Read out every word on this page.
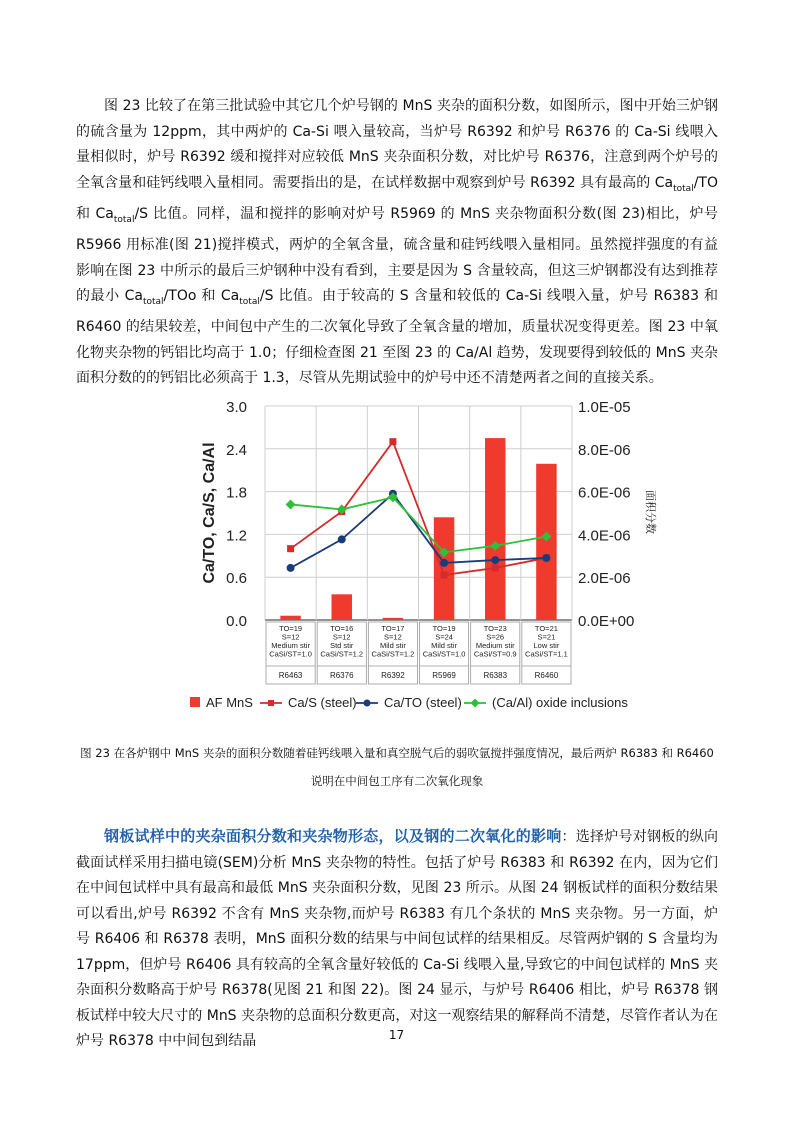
图 23 比较了在第三批试验中其它几个炉号钢的 MnS 夹杂的面积分数，如图所示，图中开始三炉钢的硫含量为 12ppm，其中两炉的 Ca-Si 喂入量较高，当炉号 R6392 和炉号 R6376 的 Ca-Si 线喂入量相似时，炉号 R6392 缓和搅拌对应较低 MnS 夹杂面积分数，对比炉号 R6376，注意到两个炉号的全氧含量和硅钙线喂入量相同。需要指出的是，在试样数据中观察到炉号 R6392 具有最高的 $Ca_{total}/TO$ 和 $Ca_{total}/S$ 比值。同样，温和搅拌的影响对炉号 R5969 的 MnS 夹杂物面积分数(图 23)相比，炉号 R5966 用标准(图 21)搅拌模式，两炉的全氧含量，硫含量和硅钙线喂入量相同。虽然搅拌强度的有益影响在图 23 中所示的最后三炉钢种中没有看到，主要是因为 S 含量较高，但这三炉钢都没有达到推荐的最小 $Ca_{total}$/TOo 和 $Ca_{total}/S$ 比值。由于较高的 S 含量和较低的 Ca-Si 线喂入量，炉号 R6383 和 R6460 的结果较差，中间包中产生的二次氧化导致了全氧含量的增加，质量状况变得更差。图 23 中氧化物夹杂物的钙铝比均高于 1.0；仔细检查图 21 至图 23 的 Ca/Al 趋势，发现要得到较低的 MnS 夹杂面积分数的的钙铝比必须高于 1.3，尽管从先期试验中的炉号中还不清楚两者之间的直接关系。

0.0
0.6
1.2
1.8
2.4
3.0
0.0E+00
2.0E-06
4.0E-06
6.0E-06
8.0E-06
1.0E-05
Ca/TO, Ca/S, Ca/Al	面积分数
TO=19
S=12
Medium stir
CaSi/ST=1.0
R6463
TO=16
S=12
Std stir
CaSi/ST=1.2
R6376
TO=17
S=12
Mild stir
CaSi/ST=1.2
R6392
TO=19
S=24
Mild stir
CaSi/ST=1.0
R5969
TO=23
S=26
Medium stir
CaSi/ST=0.9
R6383
TO=21
S=21
Low stir
CaSi/ST=1.1
R6460
AF MnS	Ca/S (steel) Ca/TO (steel) (Ca/Al) oxide inclusions

图 23 在各炉钢中 MnS 夹杂的面积分数随着硅钙线喂入量和真空脱气后的弱吹氩搅拌强度情况，最后两炉 R6383 和 R6460 说明在中间包工序有二次氧化现象

钢板试样中的夹杂面积分数和夹杂物形态，以及钢的二次氧化的影响：选择炉号对钢板的纵向截面试样采用扫描电镜(SEM)分析 MnS 夹杂物的特性。包括了炉号 R6383 和 R6392 在内，因为它们在中间包试样中具有最高和最低 MnS 夹杂面积分数，见图 23 所示。从图 24 钢板试样的面积分数结果可以看出,炉号 R6392 不含有 MnS 夹杂物,而炉号 R6383 有几个条状的 MnS 夹杂物。另一方面，炉号 R6406 和 R6378 表明，MnS 面积分数的结果与中间包试样的结果相反。尽管两炉钢的 S 含量均为 17ppm，但炉号 R6406 具有较高的全氧含量好较低的 Ca-Si 线喂入量,导致它的中间包试样的 MnS 夹杂面积分数略高于炉号 R6378(见图 21 和图 22)。图 24 显示，与炉号 R6406 相比，炉号 R6378 钢板试样中较大尺寸的 MnS 夹杂物的总面积分数更高，对这一观察结果的解释尚不清楚，尽管作者认为在炉号 R6378 中中间包到结晶	17
